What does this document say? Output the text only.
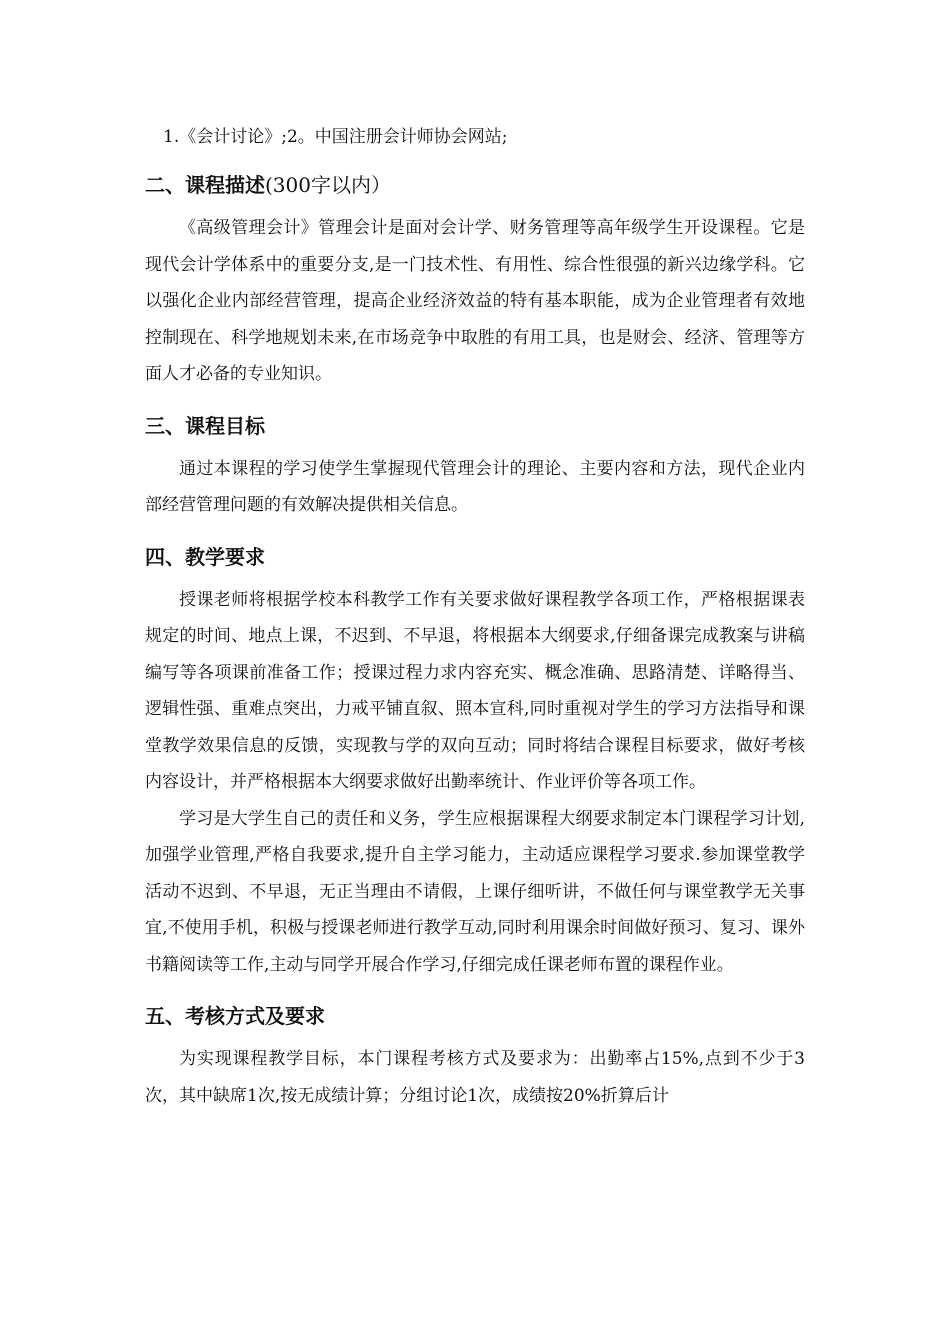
1.《会计讨论》;2。中国注册会计师协会网站;

二、课程描述(300字以内）

《高级管理会计》管理会计是面对会计学、财务管理等高年级学生开设课程。它是现代会计学体系中的重要分支,是一门技术性、有用性、综合性很强的新兴边缘学科。它以强化企业内部经营管理，提高企业经济效益的特有基本职能，成为企业管理者有效地控制现在、科学地规划未来,在市场竞争中取胜的有用工具，也是财会、经济、管理等方面人才必备的专业知识。

三、课程目标

通过本课程的学习使学生掌握现代管理会计的理论、主要内容和方法，现代企业内部经营管理问题的有效解决提供相关信息。

四、教学要求

授课老师将根据学校本科教学工作有关要求做好课程教学各项工作，严格根据课表规定的时间、地点上课，不迟到、不早退，将根据本大纲要求,仔细备课完成教案与讲稿编写等各项课前准备工作；授课过程力求内容充实、概念准确、思路清楚、详略得当、逻辑性强、重难点突出，力戒平铺直叙、照本宣科,同时重视对学生的学习方法指导和课堂教学效果信息的反馈，实现教与学的双向互动；同时将结合课程目标要求，做好考核内容设计，并严格根据本大纲要求做好出勤率统计、作业评价等各项工作。

学习是大学生自己的责任和义务，学生应根据课程大纲要求制定本门课程学习计划,加强学业管理,严格自我要求,提升自主学习能力，主动适应课程学习要求.参加课堂教学活动不迟到、不早退，无正当理由不请假，上课仔细听讲，不做任何与课堂教学无关事宜,不使用手机，积极与授课老师进行教学互动,同时利用课余时间做好预习、复习、课外书籍阅读等工作,主动与同学开展合作学习,仔细完成任课老师布置的课程作业。

五、考核方式及要求

为实现课程教学目标，本门课程考核方式及要求为：出勤率占15%,点到不少于3次，其中缺席1次,按无成绩计算；分组讨论1次，成绩按20%折算后计
